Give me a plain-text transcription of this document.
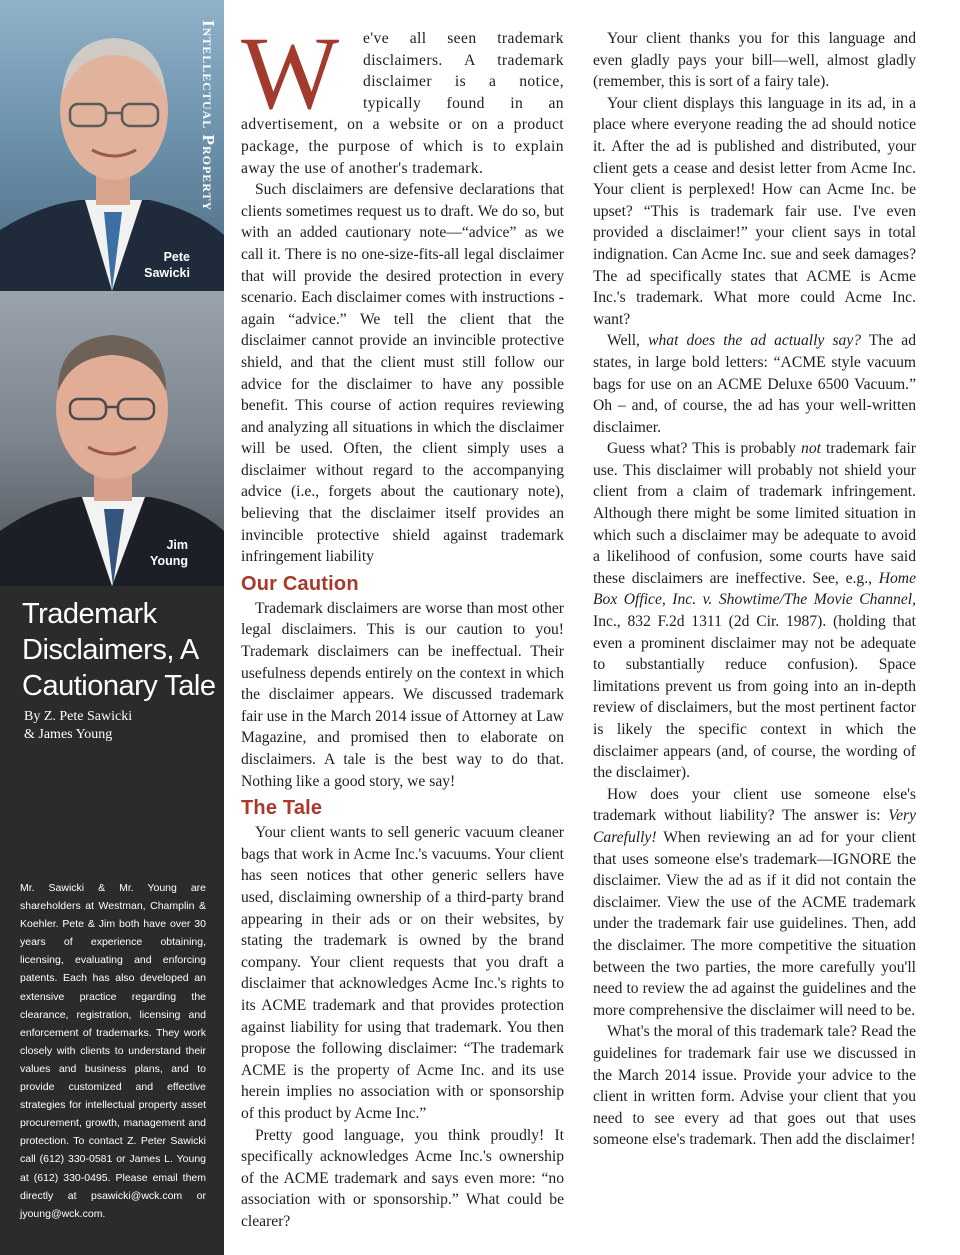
Pete
Sawicki
Jim
Young
Trademark Disclaimers, A Cautionary Tale
By Z. Pete Sawicki
& James Young

Mr. Sawicki & Mr. Young are shareholders at Westman, Champlin & Koehler. Pete & Jim both have over 30 years of experience obtaining, licensing, evaluating and enforcing patents. Each has also developed an extensive practice regarding the clearance, registration, licensing and enforcement of trademarks. They work closely with clients to understand their values and business plans, and to provide customized and effective strategies for intellectual property asset procurement, growth, management and protection. To contact Z. Peter Sawicki call (612) 330-0581 or James L. Young at (612) 330-0495. Please email them directly at psawicki@wck.com or jyoung@wck.com.

Intellectual Property W	e've all seen trademark disclaimers. A trademark disclaimer is a notice, typically found in an advertisement, on a website or on a product package, the purpose of which is to explain away the use of another's trademark.

Such disclaimers are defensive declarations that clients sometimes request us to draft. We do so, but with an added cautionary note—“advice” as we call it. There is no one-size-fits-all legal disclaimer that will provide the desired protection in every scenario. Each disclaimer comes with instructions - again “advice.” We tell the client that the disclaimer cannot provide an invincible protective shield, and that the client must still follow our advice for the disclaimer to have any possible benefit. This course of action requires reviewing and analyzing all situations in which the disclaimer will be used. Often, the client simply uses a disclaimer without regard to the accompanying advice (i.e., forgets about the cautionary note), believing that the disclaimer itself provides an invincible protective shield against trademark infringement liability

Our Caution

Trademark disclaimers are worse than most other legal disclaimers. This is our caution to you! Trademark disclaimers can be ineffectual. Their usefulness depends entirely on the context in which the disclaimer appears. We discussed trademark fair use in the March 2014 issue of Attorney at Law Magazine, and promised then to elaborate on disclaimers. A tale is the best way to do that. Nothing like a good story, we say!

The Tale

Your client wants to sell generic vacuum cleaner bags that work in Acme Inc.'s vacuums. Your client has seen notices that other generic sellers have used, disclaiming ownership of a third-party brand appearing in their ads or on their websites, by stating the trademark is owned by the brand company. Your client requests that you draft a disclaimer that acknowledges Acme Inc.'s rights to its ACME trademark and that provides protection against liability for using that trademark. You then propose the following disclaimer: “The trademark ACME is the property of Acme Inc. and its use herein implies no association with or sponsorship of this product by Acme Inc.”

Pretty good language, you think proudly! It specifically acknowledges Acme Inc.'s ownership of the ACME trademark and says even more: “no association with or sponsorship.” What could be clearer?

Your client thanks you for this language and even gladly pays your bill—well, almost gladly (remember, this is sort of a fairy tale).

Your client displays this language in its ad, in a place where everyone reading the ad should notice it. After the ad is published and distributed, your client gets a cease and desist letter from Acme Inc. Your client is perplexed! How can Acme Inc. be upset? “This is trademark fair use. I've even provided a disclaimer!” your client says in total indignation. Can Acme Inc. sue and seek damages? The ad specifically states that ACME is Acme Inc.'s trademark. What more could Acme Inc. want?

Well, what does the ad actually say? The ad states, in large bold letters: “ACME style vacuum bags for use on an ACME Deluxe 6500 Vacuum.” Oh – and, of course, the ad has your well-written disclaimer.

Guess what? This is probably not trademark fair use. This disclaimer will probably not shield your client from a claim of trademark infringement. Although there might be some limited situation in which such a disclaimer may be adequate to avoid a likelihood of confusion, some courts have said these disclaimers are ineffective. See, e.g., Home Box Office, Inc. v. Showtime/The Movie Channel, Inc., 832 F.2d 1311 (2d Cir. 1987). (holding that even a prominent disclaimer may not be adequate to substantially reduce confusion). Space limitations prevent us from going into an in-depth review of disclaimers, but the most pertinent factor is likely the specific context in which the disclaimer appears (and, of course, the wording of the disclaimer).

How does your client use someone else's trademark without liability? The answer is: Very Carefully! When reviewing an ad for your client that uses someone else's trademark—IGNORE the disclaimer. View the ad as if it did not contain the disclaimer. View the use of the ACME trademark under the trademark fair use guidelines. Then, add the disclaimer. The more competitive the situation between the two parties, the more carefully you'll need to review the ad against the guidelines and the more comprehensive the disclaimer will need to be.

What's the moral of this trademark tale? Read the guidelines for trademark fair use we discussed in the March 2014 issue. Provide your advice to the client in written form. Advise your client that you need to see every ad that goes out that uses someone else's trademark. Then add the disclaimer!
